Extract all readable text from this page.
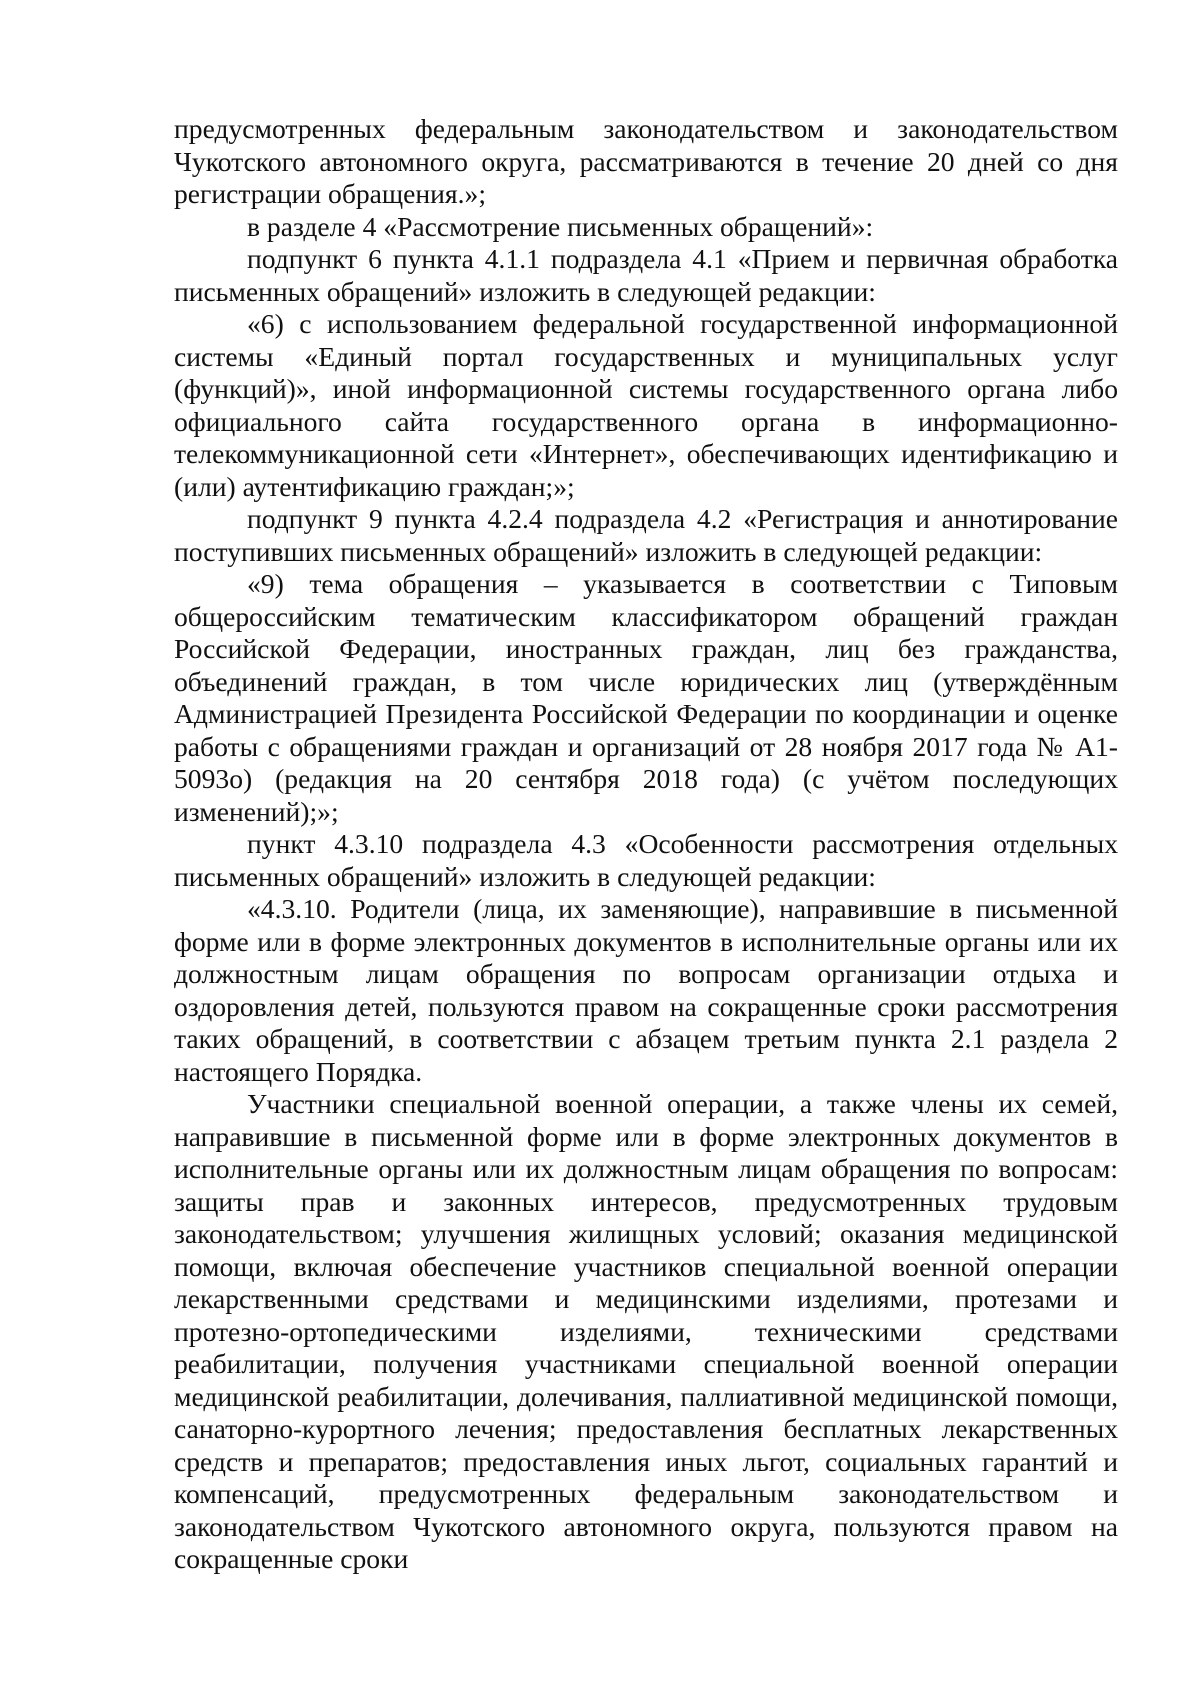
предусмотренных федеральным законодательством и законодательством Чукотского автономного округа, рассматриваются в течение 20 дней со дня регистрации обращения.»;

в разделе 4 «Рассмотрение письменных обращений»:

подпункт 6 пункта 4.1.1 подраздела 4.1 «Прием и первичная обработка письменных обращений» изложить в следующей редакции:

«6) с использованием федеральной государственной информационной системы «Единый портал государственных и муниципальных услуг (функций)», иной информационной системы государственного органа либо официального сайта государственного органа в информационно-телекоммуникационной сети «Интернет», обеспечивающих идентификацию и (или) аутентификацию граждан;»;

подпункт 9 пункта 4.2.4 подраздела 4.2 «Регистрация и аннотирование поступивших письменных обращений» изложить в следующей редакции:

«9) тема обращения – указывается в соответствии с Типовым общероссийским тематическим классификатором обращений граждан Российской Федерации, иностранных граждан, лиц без гражданства, объединений граждан, в том числе юридических лиц (утверждённым Администрацией Президента Российской Федерации по координации и оценке работы с обращениями граждан и организаций от 28 ноября 2017 года № А1-5093о) (редакция на 20 сентября 2018 года) (с учётом последующих изменений);»;

пункт 4.3.10 подраздела 4.3 «Особенности рассмотрения отдельных письменных обращений» изложить в следующей редакции:

«4.3.10. Родители (лица, их заменяющие), направившие в письменной форме или в форме электронных документов в исполнительные органы или их должностным лицам обращения по вопросам организации отдыха и оздоровления детей, пользуются правом на сокращенные сроки рассмотрения таких обращений, в соответствии с абзацем третьим пункта 2.1 раздела 2 настоящего Порядка.

Участники специальной военной операции, а также члены их семей, направившие в письменной форме или в форме электронных документов в исполнительные органы или их должностным лицам обращения по вопросам: защиты прав и законных интересов, предусмотренных трудовым законодательством; улучшения жилищных условий; оказания медицинской помощи, включая обеспечение участников специальной военной операции лекарственными средствами и медицинскими изделиями, протезами и протезно-ортопедическими изделиями, техническими средствами реабилитации, получения участниками специальной военной операции медицинской реабилитации, долечивания, паллиативной медицинской помощи, санаторно-курортного лечения; предоставления бесплатных лекарственных средств и препаратов; предоставления иных льгот, социальных гарантий и компенсаций, предусмотренных федеральным законодательством и законодательством Чукотского автономного округа, пользуются правом на сокращенные сроки
